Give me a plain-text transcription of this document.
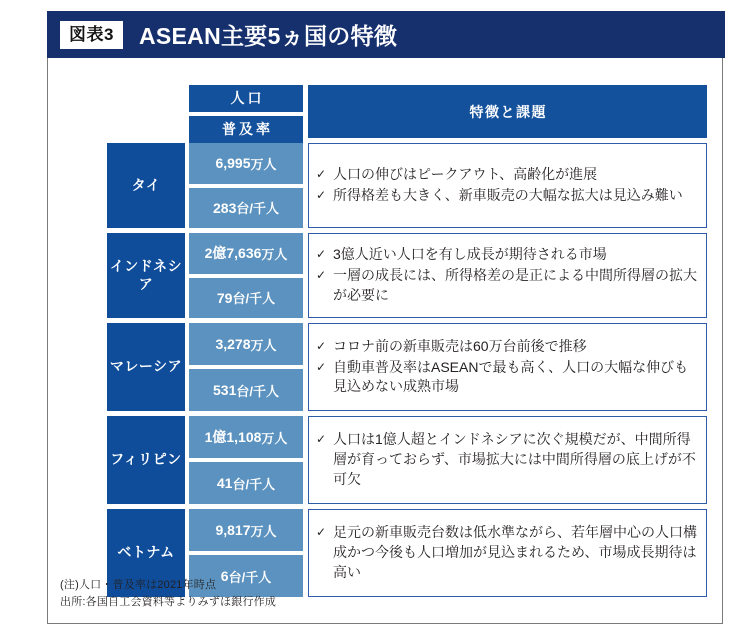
図表3	ASEAN主要5ヵ国の特徴
人口
普及率
特徴と課題
タイ
6,995 万人
283 台/千人
✓ 人口の伸びはピークアウト、高齢化が進展
✓ 所得格差も大きく、新車販売の大幅な拡大は見込み難い
インドネシア
2億7,636 万人
79 台/千人
✓ 3億人近い人口を有し成長が期待される市場
✓ 一層の成長には、所得格差の是正による中間所得層の拡大が必要に
マレーシア
3,278 万人
531 台/千人
✓ コロナ前の新車販売は60万台前後で推移
✓ 自動車普及率はASEANで最も高く、人口の大幅な伸びも見込めない成熟市場
フィリピン
1億1,108 万人
41 台/千人
✓ 人口は1億人超とインドネシアに次ぐ規模だが、中間所得層が育っておらず、市場拡大には中間所得層の底上げが不可欠
ベトナム
9,817 万人
6 台/千人
✓ 足元の新車販売台数は低水準ながら、若年層中心の人口構成かつ今後も人口増加が見込まれるため、市場成長期待は高い
(注)人口・普及率は2021年時点
出所:各国自工会資料等よりみずほ銀行作成
